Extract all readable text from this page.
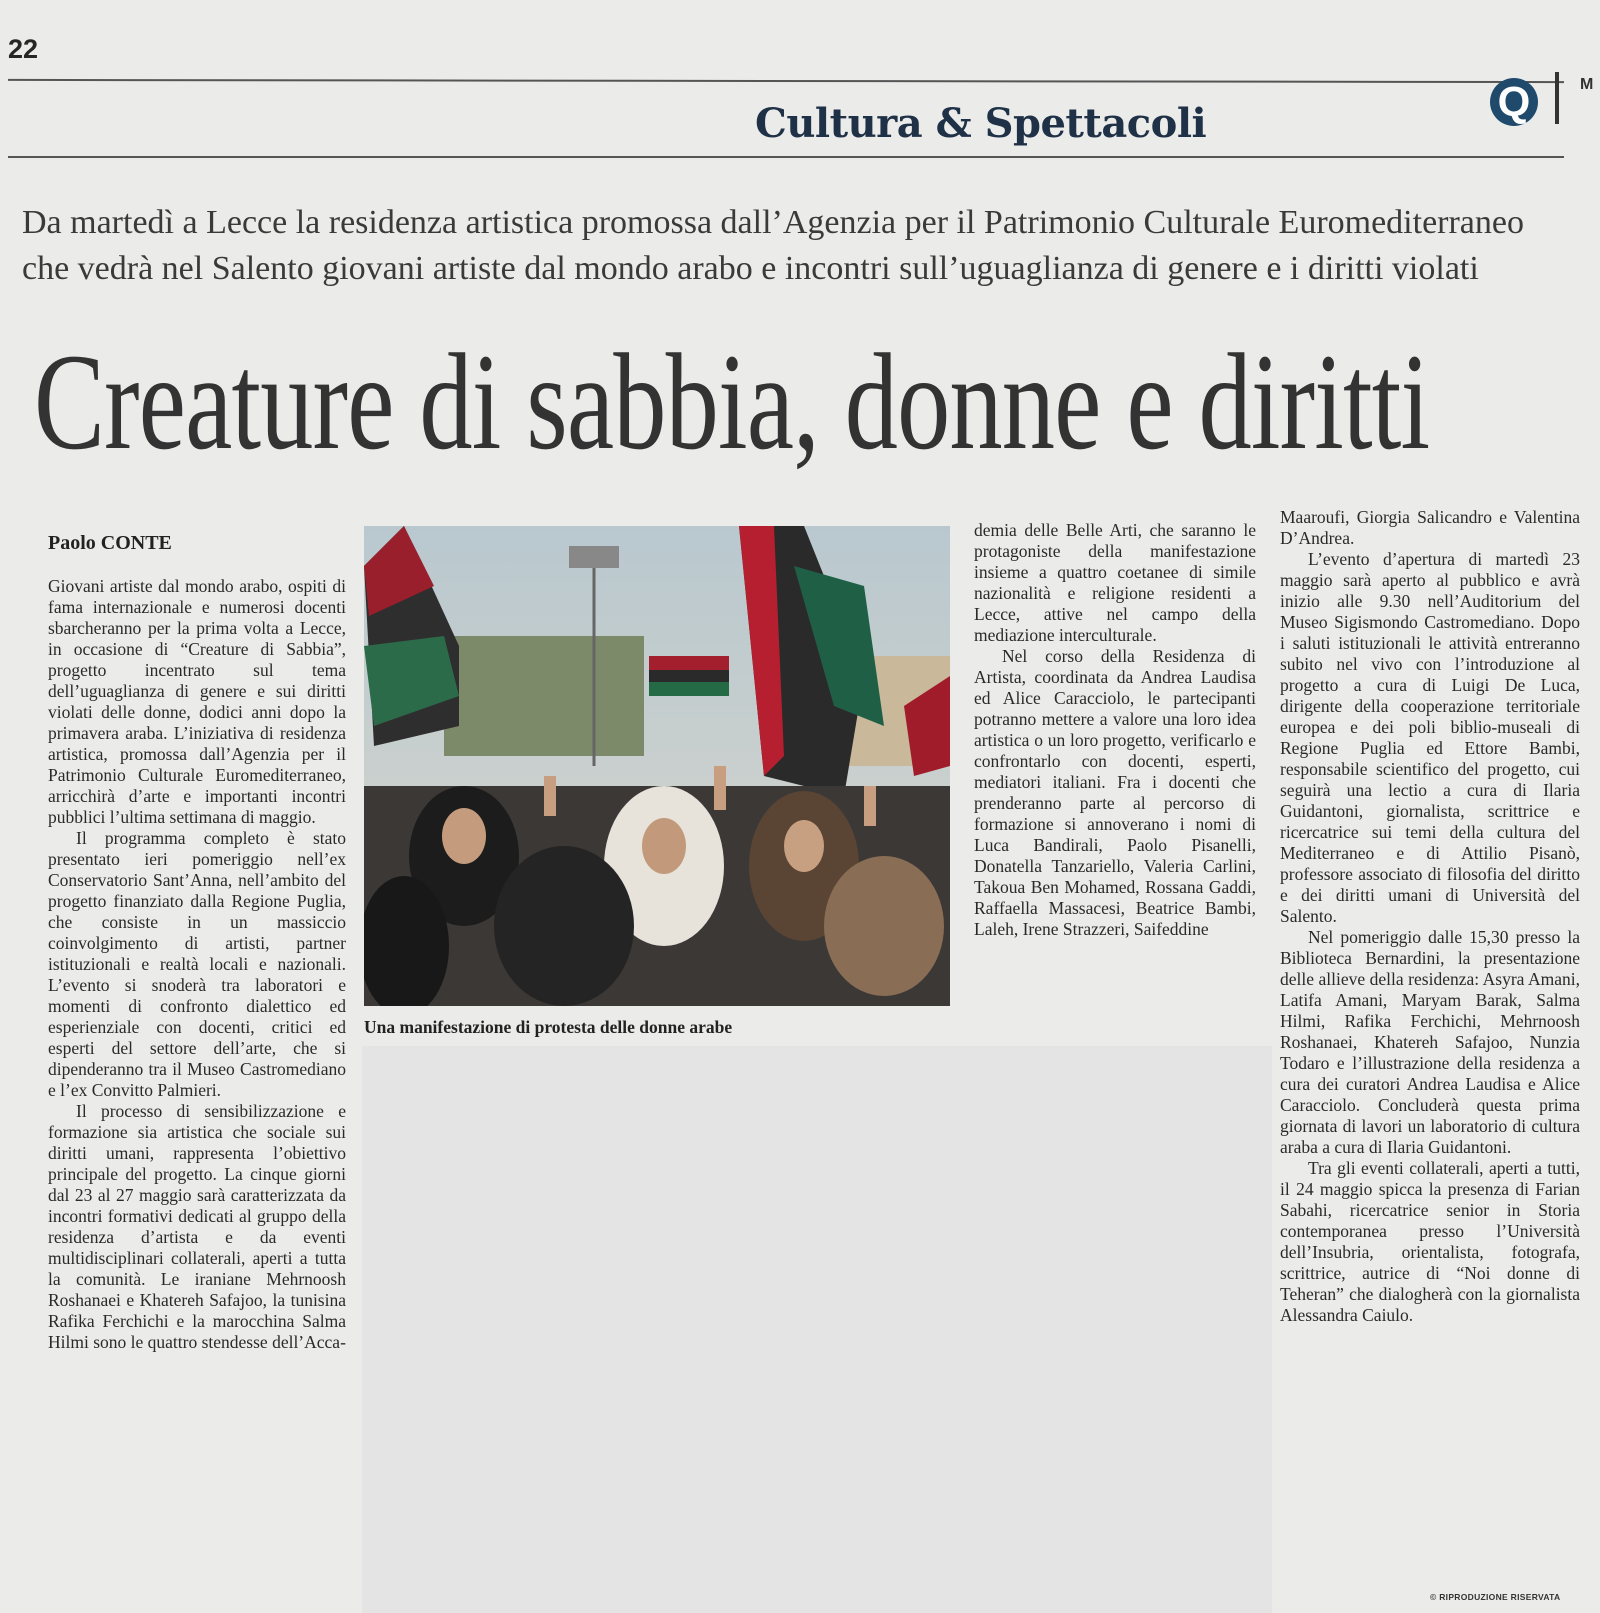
22
Cultura & Spettacoli	Q	M
Da martedì a Lecce la residenza artistica promossa dall’Agenzia per il Patrimonio Culturale Euromediterraneo
che vedrà nel Salento giovani artiste dal mondo arabo e incontri sull’uguaglianza di genere e i diritti violati
Creature di sabbia, donne e diritti
Paolo CONTE

Giovani artiste dal mondo arabo, ospiti di fama internazionale e numerosi docenti sbarcheranno per la prima volta a Lecce, in occasione di “Creature di Sabbia”, progetto incentrato sul tema dell’uguaglianza di genere e sui diritti violati delle donne, dodici anni dopo la primavera araba. L’iniziativa di residenza artistica, promossa dall’Agenzia per il Patrimonio Culturale Euromediterraneo, arricchirà d’arte e importanti incontri pubblici l’ultima settimana di maggio.

Il programma completo è stato presentato ieri pomeriggio nell’ex Conservatorio Sant’Anna, nell’ambito del progetto finanziato dalla Regione Puglia, che consiste in un massiccio coinvolgimento di artisti, partner istituzionali e realtà locali e nazionali. L’evento si snoderà tra laboratori e momenti di confronto dialettico ed esperienziale con docenti, critici ed esperti del settore dell’arte, che si dipenderanno tra il Museo Castromediano e l’ex Convitto Palmieri.

Il processo di sensibilizzazione e formazione sia artistica che sociale sui diritti umani, rappresenta l’obiettivo principale del progetto. La cinque giorni dal 23 al 27 maggio sarà caratterizzata da incontri formativi dedicati al gruppo della residenza d’artista e da eventi multidisciplinari collaterali, aperti a tutta la comunità. Le iraniane Mehrnoosh Roshanaei e Khatereh Safajoo, la tunisina Rafika Ferchichi e la marocchina Salma Hilmi sono le quattro stendesse dell’Acca-

Una manifestazione di protesta delle donne arabe

demia delle Belle Arti, che saranno le protagoniste della manifestazione insieme a quattro coetanee di simile nazionalità e religione residenti a Lecce, attive nel campo della mediazione interculturale.

Nel corso della Residenza di Artista, coordinata da Andrea Laudisa ed Alice Caracciolo, le partecipanti potranno mettere a valore una loro idea artistica o un loro progetto, verificarlo e confrontarlo con docenti, esperti, mediatori italiani. Fra i docenti che prenderanno parte al percorso di formazione si annoverano i nomi di Luca Bandirali, Paolo Pisanelli, Donatella Tanzariello, Valeria Carlini, Takoua Ben Mohamed, Rossana Gaddi, Raffaella Massacesi, Beatrice Bambi, Laleh, Irene Strazzeri, Saifeddine

Maaroufi, Giorgia Salicandro e Valentina D’Andrea.

L’evento d’apertura di martedì 23 maggio sarà aperto al pubblico e avrà inizio alle 9.30 nell’Auditorium del Museo Sigismondo Castromediano. Dopo i saluti istituzionali le attività entreranno subito nel vivo con l’introduzione al progetto a cura di Luigi De Luca, dirigente della cooperazione territoriale europea e dei poli biblio-museali di Regione Puglia ed Ettore Bambi, responsabile scientifico del progetto, cui seguirà una lectio a cura di Ilaria Guidantoni, giornalista, scrittrice e ricercatrice sui temi della cultura del Mediterraneo e di Attilio Pisanò, professore associato di filosofia del diritto e dei diritti umani di Università del Salento.

Nel pomeriggio dalle 15,30 presso la Biblioteca Bernardini, la presentazione delle allieve della residenza: Asyra Amani, Latifa Amani, Maryam Barak, Salma Hilmi, Rafika Ferchichi, Mehrnoosh Roshanaei, Khatereh Safajoo, Nunzia Todaro e l’illustrazione della residenza a cura dei curatori Andrea Laudisa e Alice Caracciolo. Concluderà questa prima giornata di lavori un laboratorio di cultura araba a cura di Ilaria Guidantoni.

Tra gli eventi collaterali, aperti a tutti, il 24 maggio spicca la presenza di Farian Sabahi, ricercatrice senior in Storia contemporanea presso l’Università dell’Insubria, orientalista, fotografa, scrittrice, autrice di “Noi donne di Teheran” che dialogherà con la giornalista Alessandra Caiulo.

© RIPRODUZIONE RISERVATA
